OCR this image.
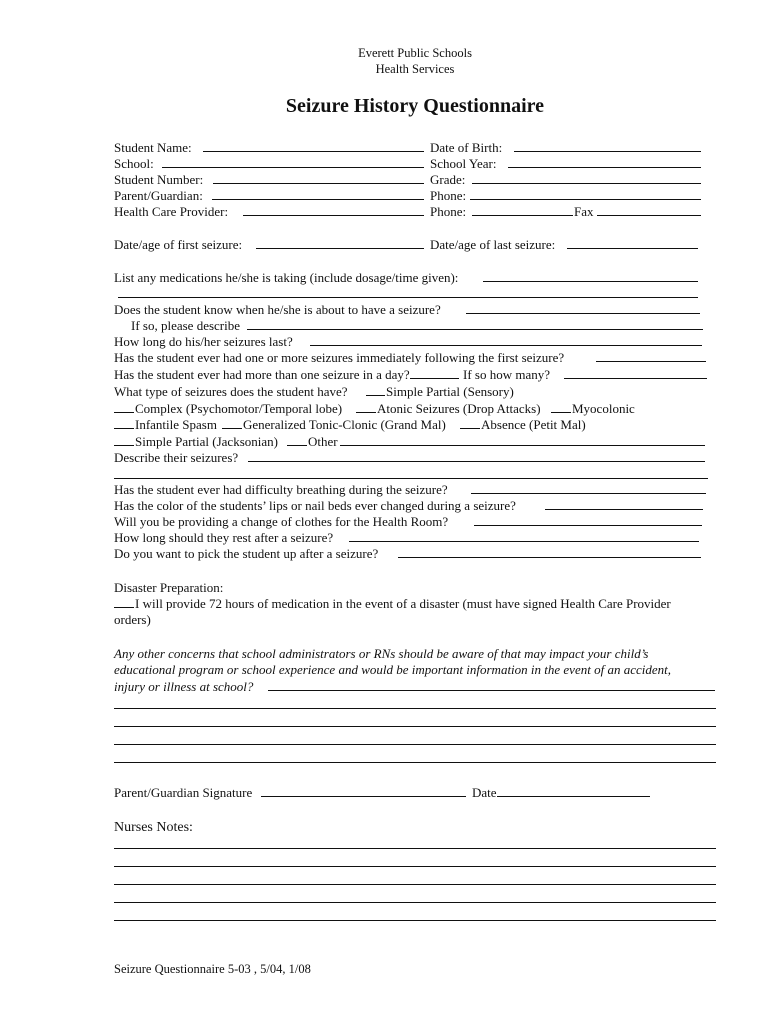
Everett Public Schools
Health Services
Seizure History Questionnaire
Student Name:	Date of Birth:
School:	School Year:
Student Number:	Grade:
Parent/Guardian:	Phone:
Health Care Provider:	Phone:	Fax
Date/age of first seizure:	Date/age of last seizure:
List any medications he/she is taking (include dosage/time given):
Does the student know when he/she is about to have a seizure?
If so, please describe
How long do his/her seizures last?
Has the student ever had one or more seizures immediately following the first seizure?
Has the student ever had more than one seizure in a day?	If so how many?
What type of seizures does the student have?	Simple Partial (Sensory)
Complex (Psychomotor/Temporal lobe)	Atonic Seizures (Drop Attacks) Myocolonic
Infantile Spasm Generalized Tonic-Clonic (Grand Mal)	Absence (Petit Mal)
Simple Partial (Jacksonian) Other
Describe their seizures?
Has the student ever had difficulty breathing during the seizure?
Has the color of the students’ lips or nail beds ever changed during a seizure?
Will you be providing a change of clothes for the Health Room?
How long should they rest after a seizure?
Do you want to pick the student up after a seizure?
Disaster Preparation:
I will provide 72 hours of medication in the event of a disaster (must have signed Health Care Provider
orders)
Any other concerns that school administrators or RNs should be aware of that may impact your child’s
educational program or school experience and would be important information in the event of an accident,
injury or illness at school?
Parent/Guardian Signature	Date
Nurses Notes:
Seizure Questionnaire 5-03 , 5/04, 1/08
